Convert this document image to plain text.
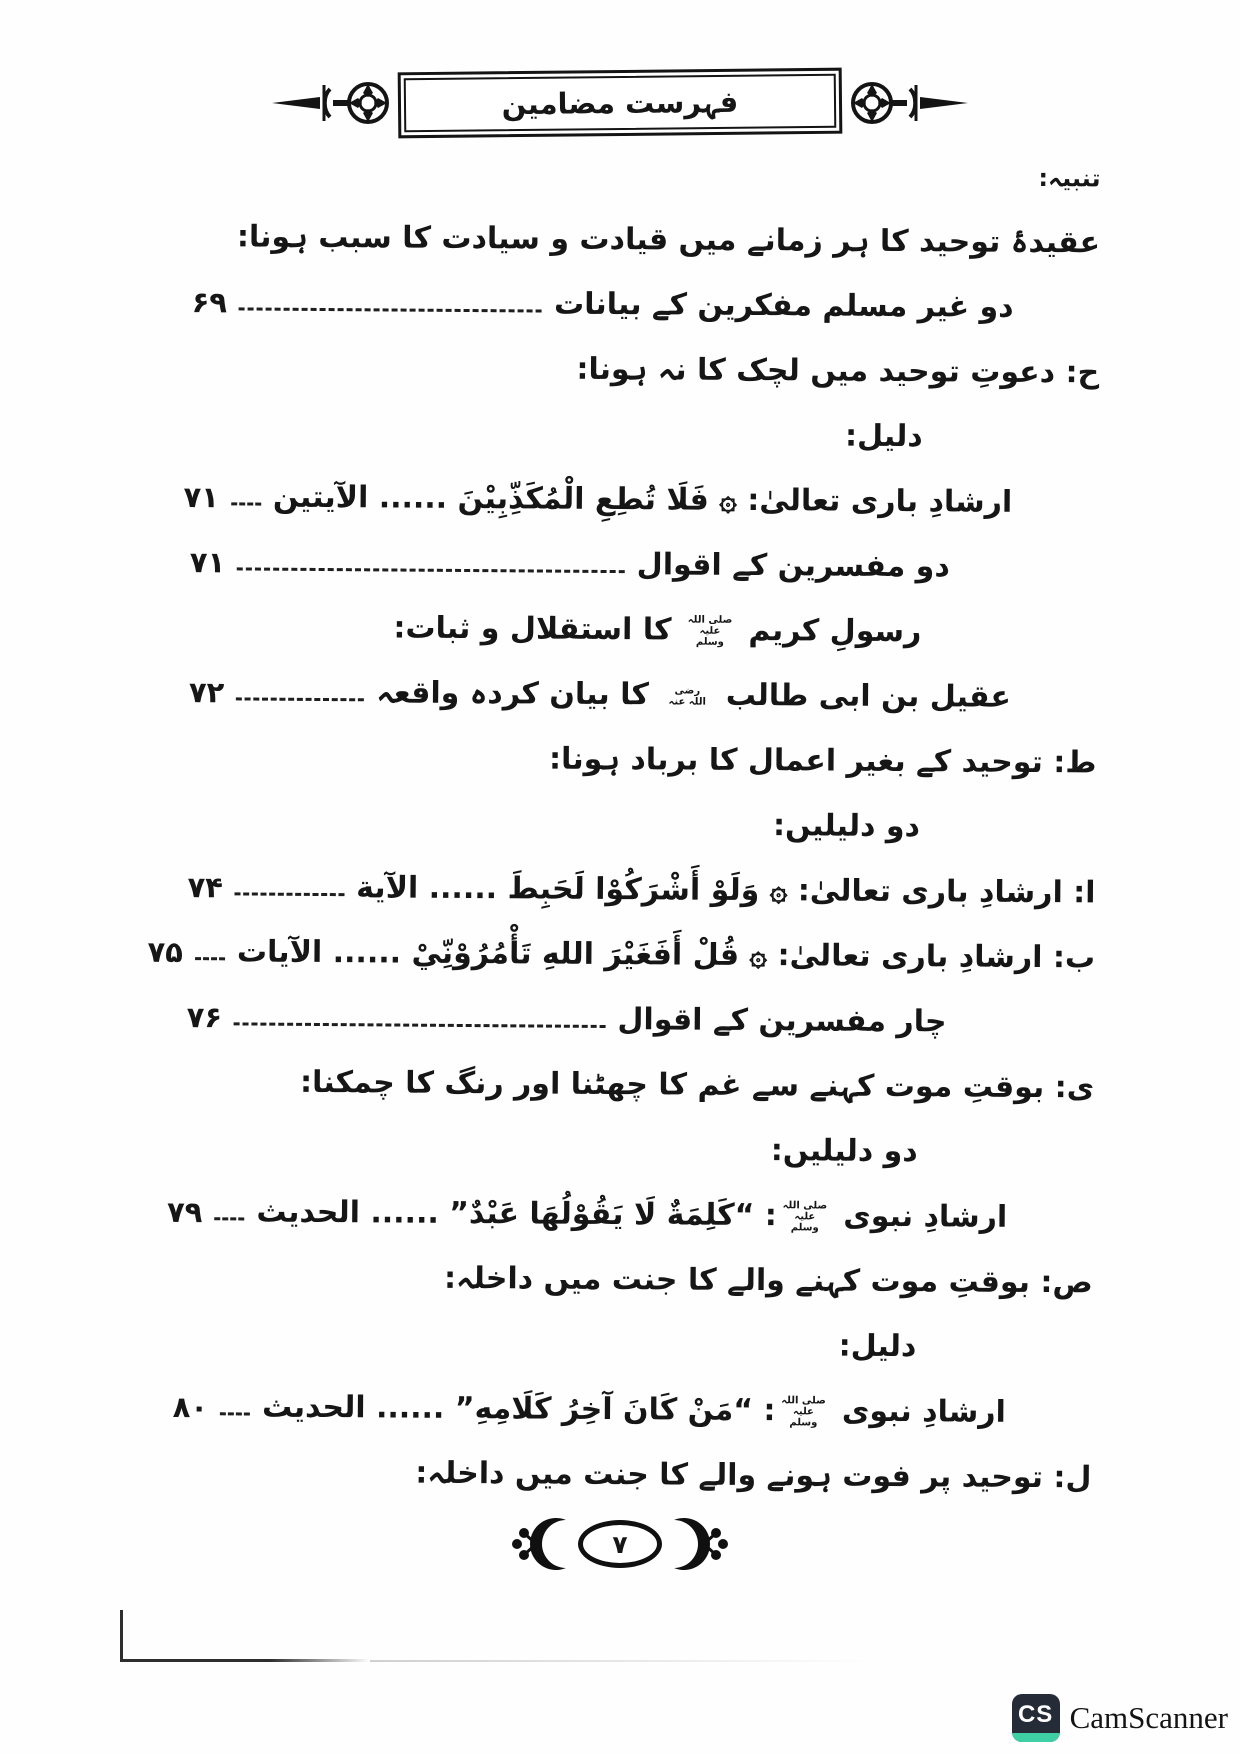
فہرست مضامین
تنبیہ:
عقیدۂ توحید کا ہر زمانے میں قیادت و سیادت کا سبب ہونا:
دو غیر مسلم مفکرین کے بیانات
۶۹
ح: دعوتِ توحید میں لچک کا نہ ہونا:
دلیل:
ارشادِ باری تعالیٰ: ۞ فَلَا تُطِعِ الْمُكَذِّبِيْنَ ...... الآیتین
۷۱
دو مفسرین کے اقوال
۷۱
رسولِ کریم صلی اللہ علیہ وسلم کا استقلال و ثبات:
عقیل بن ابی طالب رضی اللہ عنہ کا بیان کردہ واقعہ
۷۲
ط: توحید کے بغیر اعمال کا برباد ہونا:
دو دلیلیں:
ا: ارشادِ باری تعالیٰ: ۞ وَلَوْ أَشْرَكُوْا لَحَبِطَ ...... الآیة
۷۴
ب: ارشادِ باری تعالیٰ: ۞ قُلْ أَفَغَيْرَ اللهِ تَأْمُرُوْنِّيْ ...... الآیات
۷۵
چار مفسرین کے اقوال
۷۶
ی: بوقتِ موت کہنے سے غم کا چھٹنا اور رنگ کا چمکنا:
دو دلیلیں:
ارشادِ نبوی صلی اللہ علیہ وسلم: “كَلِمَةٌ لَا يَقُوْلُهَا عَبْدٌ” ...... الحدیث
۷۹
ص: بوقتِ موت کہنے والے کا جنت میں داخلہ:
دلیل:
ارشادِ نبوی صلی اللہ علیہ وسلم: “مَنْ كَانَ آخِرُ كَلَامِهِ” ...... الحدیث
۸۰
ل: توحید پر فوت ہونے والے کا جنت میں داخلہ:
۷
CS CamScanner
